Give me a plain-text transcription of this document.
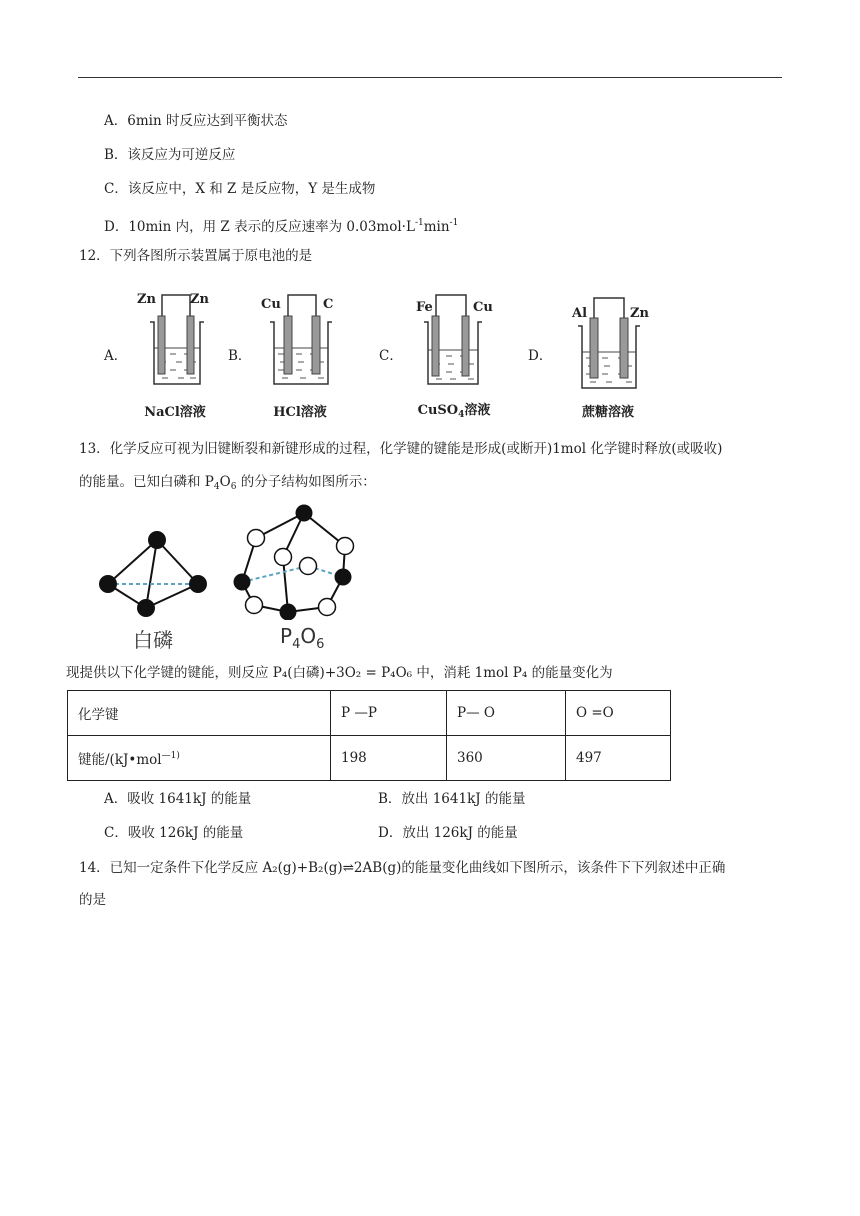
A．6min 时反应达到平衡状态
B．该反应为可逆反应
C．该反应中，X 和 Z 是反应物，Y 是生成物
D．10min 内，用 Z 表示的反应速率为 $0.03mol\cdot L^{-1}\min^{-1}$
12．下列各图所示装置属于原电池的是
A．
Zn	Zn
NaCl溶液
B．
Cu	C
HCl溶液
C．
Fe	Cu
CuSO$_4$溶液
D．
Al	Zn
蔗糖溶液
13．化学反应可视为旧键断裂和新键形成的过程，化学键的键能是形成(或断开)1mol 化学键时释放(或吸收)
的能量。已知白磷和 $P_4O_6$ 的分子结构如图所示：
白磷	$P_4O_6$
现提供以下化学键的键能，则反应 P₄(白磷)+3O₂ = P₄O₆ 中，消耗 1mol P₄ 的能量变化为
化学键	P —P	P— O	O =O
键能/(kJ•mol$^{—1)}$	198	360	497
A．吸收 1641kJ 的能量	B．放出 1641kJ 的能量
C．吸收 126kJ 的能量	D．放出 126kJ 的能量
14．已知一定条件下化学反应 A₂(g)+B₂(g)⇌2AB(g)的能量变化曲线如下图所示，该条件下下列叙述中正确
的是
